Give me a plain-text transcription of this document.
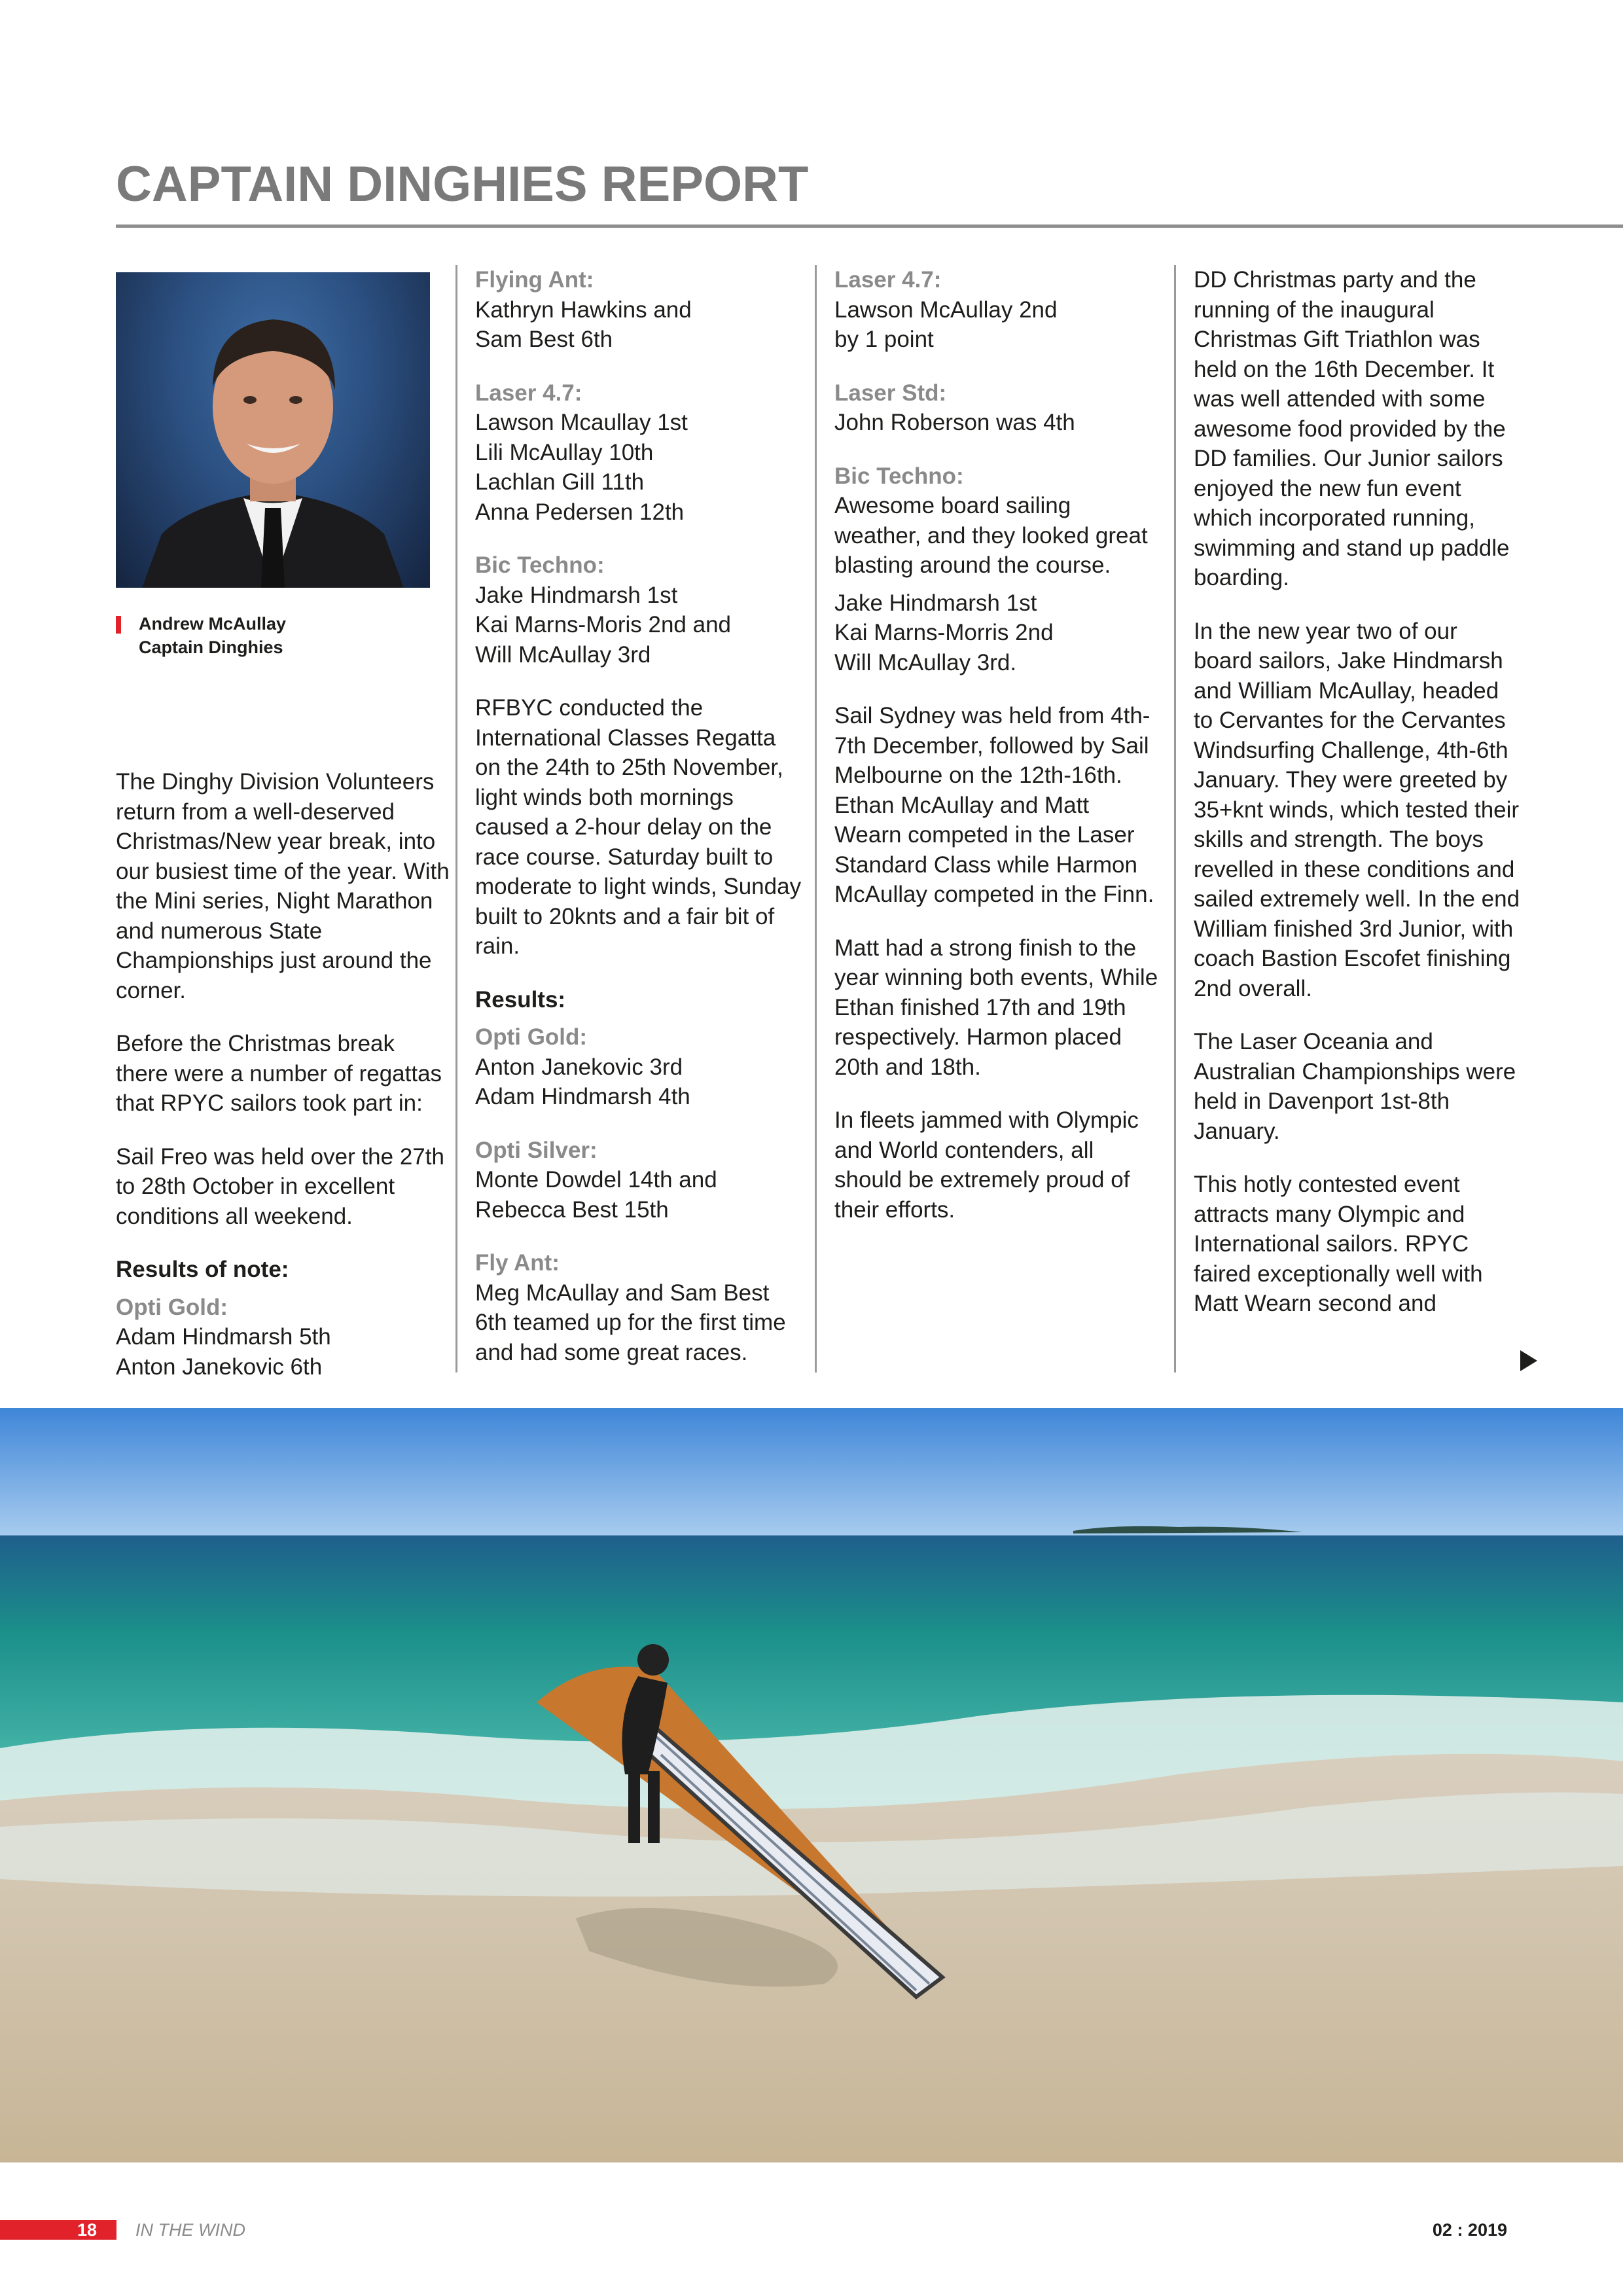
CAPTAIN DINGHIES REPORT
Andrew McAullay
Captain Dinghies

The Dinghy Division Volunteers return from a well-deserved Christmas/New year break, into our busiest time of the year. With the Mini series, Night Marathon and numerous State Championships just around the corner.

Before the Christmas break there were a number of regattas that RPYC sailors took part in:

Sail Freo was held over the 27th to 28th October in excellent conditions all weekend.

Results of note:

Opti Gold:
Adam Hindmarsh 5th
Anton Janekovic 6th
Flying Ant:
Kathryn Hawkins and

Sam Best 6th

Laser 4.7:
Lawson Mcaullay 1st
Lili McAullay 10th
Lachlan Gill 11th

Anna Pedersen 12th

Bic Techno:
Jake Hindmarsh 1st
Kai Marns-Moris 2nd and

Will McAullay 3rd

RFBYC conducted the International Classes Regatta on the 24th to 25th November, light winds both mornings caused a 2-hour delay on the race course. Saturday built to moderate to light winds, Sunday built to 20knts and a fair bit of rain.

Results:

Opti Gold:
Anton Janekovic 3rd

Adam Hindmarsh 4th

Opti Silver:
Monte Dowdel 14th and

Rebecca Best 15th

Fly Ant:
Meg McAullay and Sam Best 6th teamed up for the first time and had some great races.
Laser 4.7:
Lawson McAullay 2nd

by 1 point

Laser Std:

John Roberson was 4th

Bic Techno:

Awesome board sailing weather, and they looked great blasting around the course.

Jake Hindmarsh 1st
Kai Marns-Morris 2nd

Will McAullay 3rd.

Sail Sydney was held from 4th-7th December, followed by Sail Melbourne on the 12th-16th. Ethan McAullay and Matt Wearn competed in the Laser Standard Class while Harmon McAullay competed in the Finn.

Matt had a strong finish to the year winning both events, While Ethan finished 17th and 19th respectively. Harmon placed 20th and 18th.

In fleets jammed with Olympic and World contenders, all should be extremely proud of their efforts.

DD Christmas party and the running of the inaugural Christmas Gift Triathlon was held on the 16th December. It was well attended with some awesome food provided by the DD families. Our Junior sailors enjoyed the new fun event which incorporated running, swimming and stand up paddle boarding.

In the new year two of our board sailors, Jake Hindmarsh and William McAullay, headed to Cervantes for the Cervantes Windsurfing Challenge, 4th-6th January. They were greeted by 35+knt winds, which tested their skills and strength. The boys revelled in these conditions and sailed extremely well. In the end William finished 3rd Junior, with coach Bastion Escofet finishing 2nd overall.

The Laser Oceania and Australian Championships were held in Davenport 1st-8th January.

This hotly contested event attracts many Olympic and International sailors. RPYC faired exceptionally well with Matt Wearn second and
18 IN THE WIND	02 : 2019
